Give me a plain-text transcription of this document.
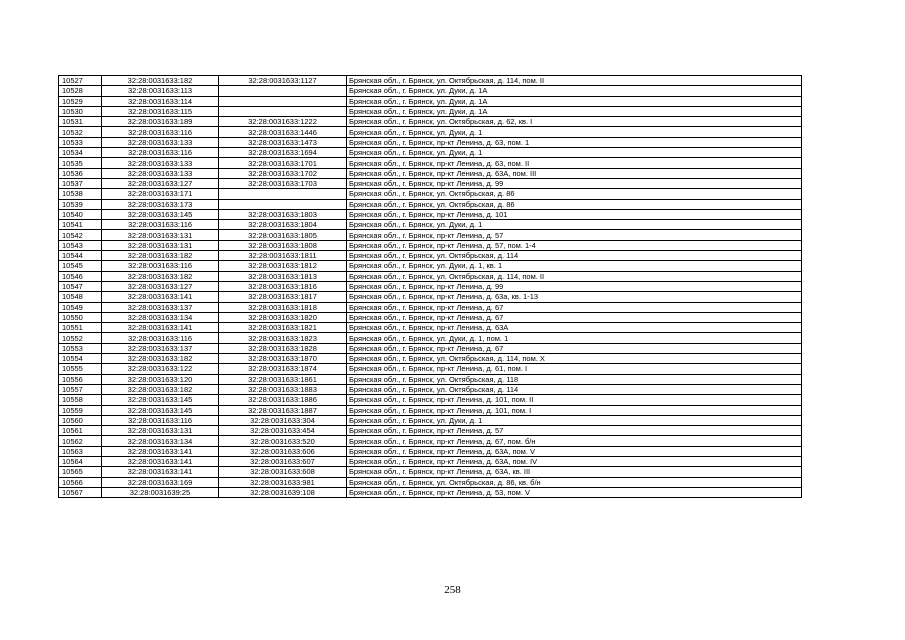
10527	32:28:0031633:182	32:28:0031633:1127	Брянская обл., г. Брянск, ул. Октябрьская, д. 114, пом. II
10528	32:28:0031633:113		Брянская обл., г. Брянск, ул. Дуки, д. 1А
10529	32:28:0031633:114		Брянская обл., г. Брянск, ул. Дуки, д. 1А
10530	32:28:0031633:115		Брянская обл., г. Брянск, ул. Дуки, д. 1А
10531	32:28:0031633:189	32:28:0031633:1222	Брянская обл., г. Брянск, ул. Октябрьская, д. 62, кв. I
10532	32:28:0031633:116	32:28:0031633:1446	Брянская обл., г. Брянск, ул. Дуки, д. 1
10533	32:28:0031633:133	32:28:0031633:1473	Брянская обл., г. Брянск, пр-кт Ленина, д. 63, пом. 1
10534	32:28:0031633:116	32:28:0031633:1694	Брянская обл., г. Брянск, ул. Дуки, д. 1
10535	32:28:0031633:133	32:28:0031633:1701	Брянская обл., г. Брянск, пр-кт Ленина, д. 63, пом. II
10536	32:28:0031633:133	32:28:0031633:1702	Брянская обл., г. Брянск, пр-кт Ленина, д. 63А, пом. III
10537	32:28:0031633:127	32:28:0031633:1703	Брянская обл., г. Брянск, пр-кт Ленина, д. 99
10538	32:28:0031633:171		Брянская обл., г. Брянск, ул. Октябрьская, д. 86
10539	32:28:0031633:173		Брянская обл., г. Брянск, ул. Октябрьская, д. 86
10540	32:28:0031633:145	32:28:0031633:1803	Брянская обл., г. Брянск, пр-кт Ленина, д. 101
10541	32:28:0031633:116	32:28:0031633:1804	Брянская обл., г. Брянск, ул. Дуки, д. 1
10542	32:28:0031633:131	32:28:0031633:1805	Брянская обл., г. Брянск, пр-кт Ленина, д. 57
10543	32:28:0031633:131	32:28:0031633:1808	Брянская обл., г. Брянск, пр-кт Ленина, д. 57, пом. 1-4
10544	32:28:0031633:182	32:28:0031633:1811	Брянская обл., г. Брянск, ул. Октябрьская, д. 114
10545	32:28:0031633:116	32:28:0031633:1812	Брянская обл., г. Брянск, ул. Дуки, д. 1, кв. 1
10546	32:28:0031633:182	32:28:0031633:1813	Брянская обл., г. Брянск, ул. Октябрьская, д. 114, пом. II
10547	32:28:0031633:127	32:28:0031633:1816	Брянская обл., г. Брянск, пр-кт Ленина, д. 99
10548	32:28:0031633:141	32:28:0031633:1817	Брянская обл., г. Брянск, пр-кт Ленина, д. 63а, кв. 1-13
10549	32:28:0031633:137	32:28:0031633:1818	Брянская обл., г. Брянск, пр-кт Ленина, д. 67
10550	32:28:0031633:134	32:28:0031633:1820	Брянская обл., г. Брянск, пр-кт Ленина, д. 67
10551	32:28:0031633:141	32:28:0031633:1821	Брянская обл., г. Брянск, пр-кт Ленина, д. 63А
10552	32:28:0031633:116	32:28:0031633:1823	Брянская обл., г. Брянск, ул. Дуки, д. 1, пом. 1
10553	32:28:0031633:137	32:28:0031633:1828	Брянская обл., г. Брянск, пр-кт Ленина, д. 67
10554	32:28:0031633:182	32:28:0031633:1870	Брянская обл., г. Брянск, ул. Октябрьская, д. 114, пом. X
10555	32:28:0031633:122	32:28:0031633:1874	Брянская обл., г. Брянск, пр-кт Ленина, д. 61, пом. I
10556	32:28:0031633:120	32:28:0031633:1861	Брянская обл., г. Брянск, ул. Октябрьская, д. 118
10557	32:28:0031633:182	32:28:0031633:1883	Брянская обл., г. Брянск, ул. Октябрьская, д. 114
10558	32:28:0031633:145	32:28:0031633:1886	Брянская обл., г. Брянск, пр-кт Ленина, д. 101, пом. II
10559	32:28:0031633:145	32:28:0031633:1887	Брянская обл., г. Брянск, пр-кт Ленина, д. 101, пом. I
10560	32:28:0031633:116	32:28:0031633:304	Брянская обл., г. Брянск, ул. Дуки, д. 1
10561	32:28:0031633:131	32:28:0031633:454	Брянская обл., г. Брянск, пр-кт Ленина, д. 57
10562	32:28:0031633:134	32:28:0031633:520	Брянская обл., г. Брянск, пр-кт Ленина, д. 67, пом. б/н
10563	32:28:0031633:141	32:28:0031633:606	Брянская обл., г. Брянск, пр-кт Ленина, д. 63А, пом. V
10564	32:28:0031633:141	32:28:0031633:607	Брянская обл., г. Брянск, пр-кт Ленина, д. 63А, пом. IV
10565	32:28:0031633:141	32:28:0031633:608	Брянская обл., г. Брянск, пр-кт Ленина, д. 63А, кв. III
10566	32:28:0031633:169	32:28:0031633:981	Брянская обл., г. Брянск, ул. Октябрьская, д. 86, кв. б/н
10567	32:28:0031639:25	32:28:0031639:108	Брянская обл., г. Брянск, пр-кт Ленина, д. 53, пом. V
258
